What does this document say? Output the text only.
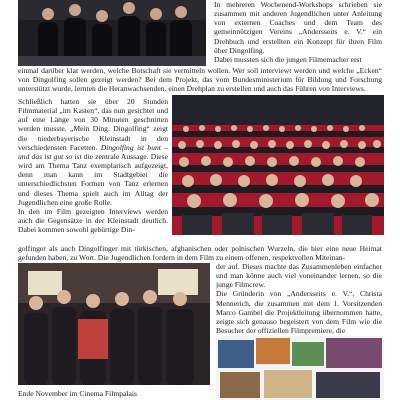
In mehreren Wochenend-Workshops schrieben sie zusammen mit anderen Jugendlichen unter Anleitung von externen Coaches und dem Team des gemeinnützigen Vereins „Andersseits e. V.“ ein Drehbuch und erstellten ein Konzept für ihren Film über Dingolfing.

Dabei mussten sich die jungen Filmemacher erst

einmal darüber klar werden, welche Botschaft sie vermitteln wollen. Wer soll interviewt werden und welche „Ecken“ von Dingolfing sollen gezeigt werden? Bei dem Projekt, das vom Bundesministerium für Bildung und Forschung unterstützt wurde, lernten die Heranwachsenden, einen Drehplan zu erstellen und auch das Führen von Interviews.

Schließlich hatten sie über 20 Stunden Filmmaterial „im Kasten“, das nun gesichtet und auf eine Länge von 30 Minuten geschnitten werden musste. „Mein Ding. Dingolfing“ zeigt die niederbayerische Kleinstadt in den verschiedensten Facetten. Dingolfing ist bunt – und das ist gut so ist die zentrale Aussage. Diese wird am Thema Tanz exemplarisch aufgezeigt, denn man kann im Stadtgebiet die unterschiedlichsten Formen von Tanz erlernen und dieses Thema spielt auch im Alltag der Jugendlichen eine große Rolle.

In den im Film gezeigten Interviews werden auch die Gegensätze in der Kleinstadt deutlich. Dabei kommen sowohl gebürtige Din-

golfinger als auch Dingolfinger mit türkischen, afghanischen oder polnischen Wurzeln, die hier eine neue Heimat gefunden haben, zu Wort. Die Jugendlichen fordern in dem Film zu einem offenen, respektvollen Miteinan-

der auf. Dieses machte das Zusammenleben einfacher und man könne auch viel voneinander lernen, so die junge Filmcrew.

Die Gründerin von „Andersseits e. V.“, Christa Mennerich, die zusammen mit dem 1. Vorsitzenden Marco Gambel die Projektleitung übernommen hatte, zeigte sich genauso begeistert von dem Film wie die Besucher der offiziellen Filmpremiere, die

Ende November im Cinema Filmpalais
